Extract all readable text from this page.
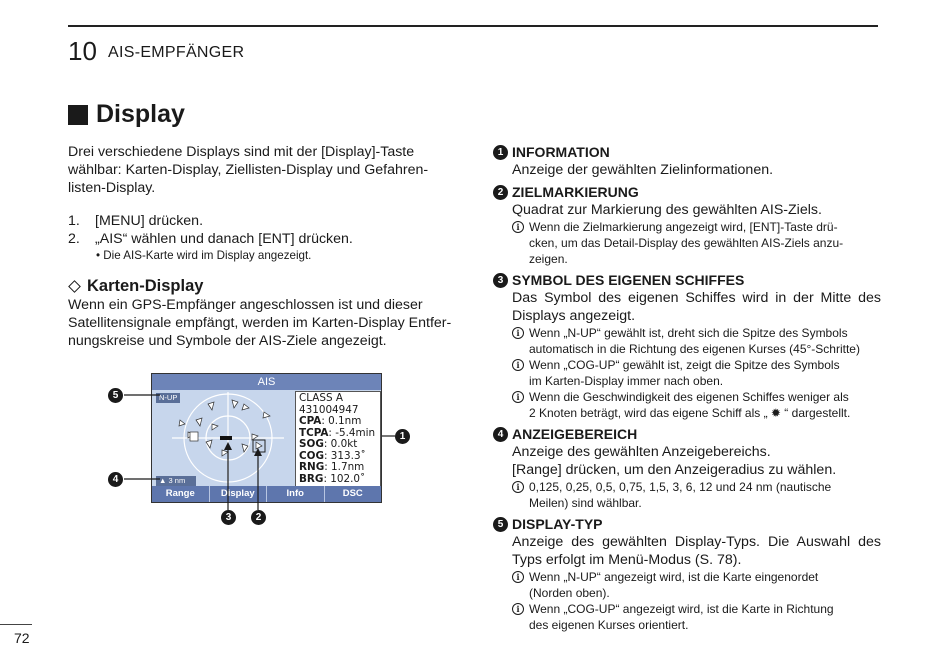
10 AIS-EMPFÄNGER
Display
Drei verschiedene Displays sind mit der [Display]-Taste
wählbar: Karten-Display, Ziellisten-Display und Gefahren-
listen-Display.
1.	[MENU] drücken.
2.	„AIS“ wählen und danach [ENT] drücken.
• Die AIS-Karte wird im Display angezeigt.
Karten-Display
Wenn ein GPS-Empfänger angeschlossen ist und dieser
Satellitensignale empfängt, werden im Karten-Display Entfer-
nungskreise und Symbole der AIS-Ziele angezeigt.
AIS
N-UP
▲ 3 nm
CLASS A
431004947
CPA: 0.1nm
TCPA: -5.4min
SOG: 0.0kt
COG: 313.3˚
RNG: 1.7nm
BRG: 102.0˚
Range	Display	Info	DSC
5
4
1
3	2
1 INFORMATION
Anzeige der gewählten Zielinformationen.
2 ZIELMARKIERUNG
Quadrat zur Markierung des gewählten AIS-Ziels.
i Wenn die Zielmarkierung angezeigt wird, [ENT]-Taste drü-
cken, um das Detail-Display des gewählten AIS-Ziels anzu-
zeigen.
3 SYMBOL DES EIGENEN SCHIFFES
Das Symbol des eigenen Schiffes wird in der Mitte des Displays angezeigt.
i Wenn „N-UP“ gewählt ist, dreht sich die Spitze des Symbols
automatisch in die Richtung des eigenen Kurses (45°-Schritte)
i Wenn „COG-UP“ gewählt ist, zeigt die Spitze des Symbols
im Karten-Display immer nach oben.
i Wenn die Geschwindigkeit des eigenen Schiffes weniger als
2 Knoten beträgt, wird das eigene Schiff als „ ✹ “ dargestellt.
4 ANZEIGEBEREICH
Anzeige des gewählten Anzeigebereichs.
[Range] drücken, um den Anzeigeradius zu wählen.
i 0,125, 0,25, 0,5, 0,75, 1,5, 3, 6, 12 und 24 nm (nautische
Meilen) sind wählbar.
5 DISPLAY-TYP
Anzeige des gewählten Display-Typs. Die Auswahl des Typs erfolgt im Menü-Modus (S. 78).
i Wenn „N-UP“ angezeigt wird, ist die Karte eingenordet
(Norden oben).
i Wenn „COG-UP“ angezeigt wird, ist die Karte in Richtung
des eigenen Kurses orientiert.
72
